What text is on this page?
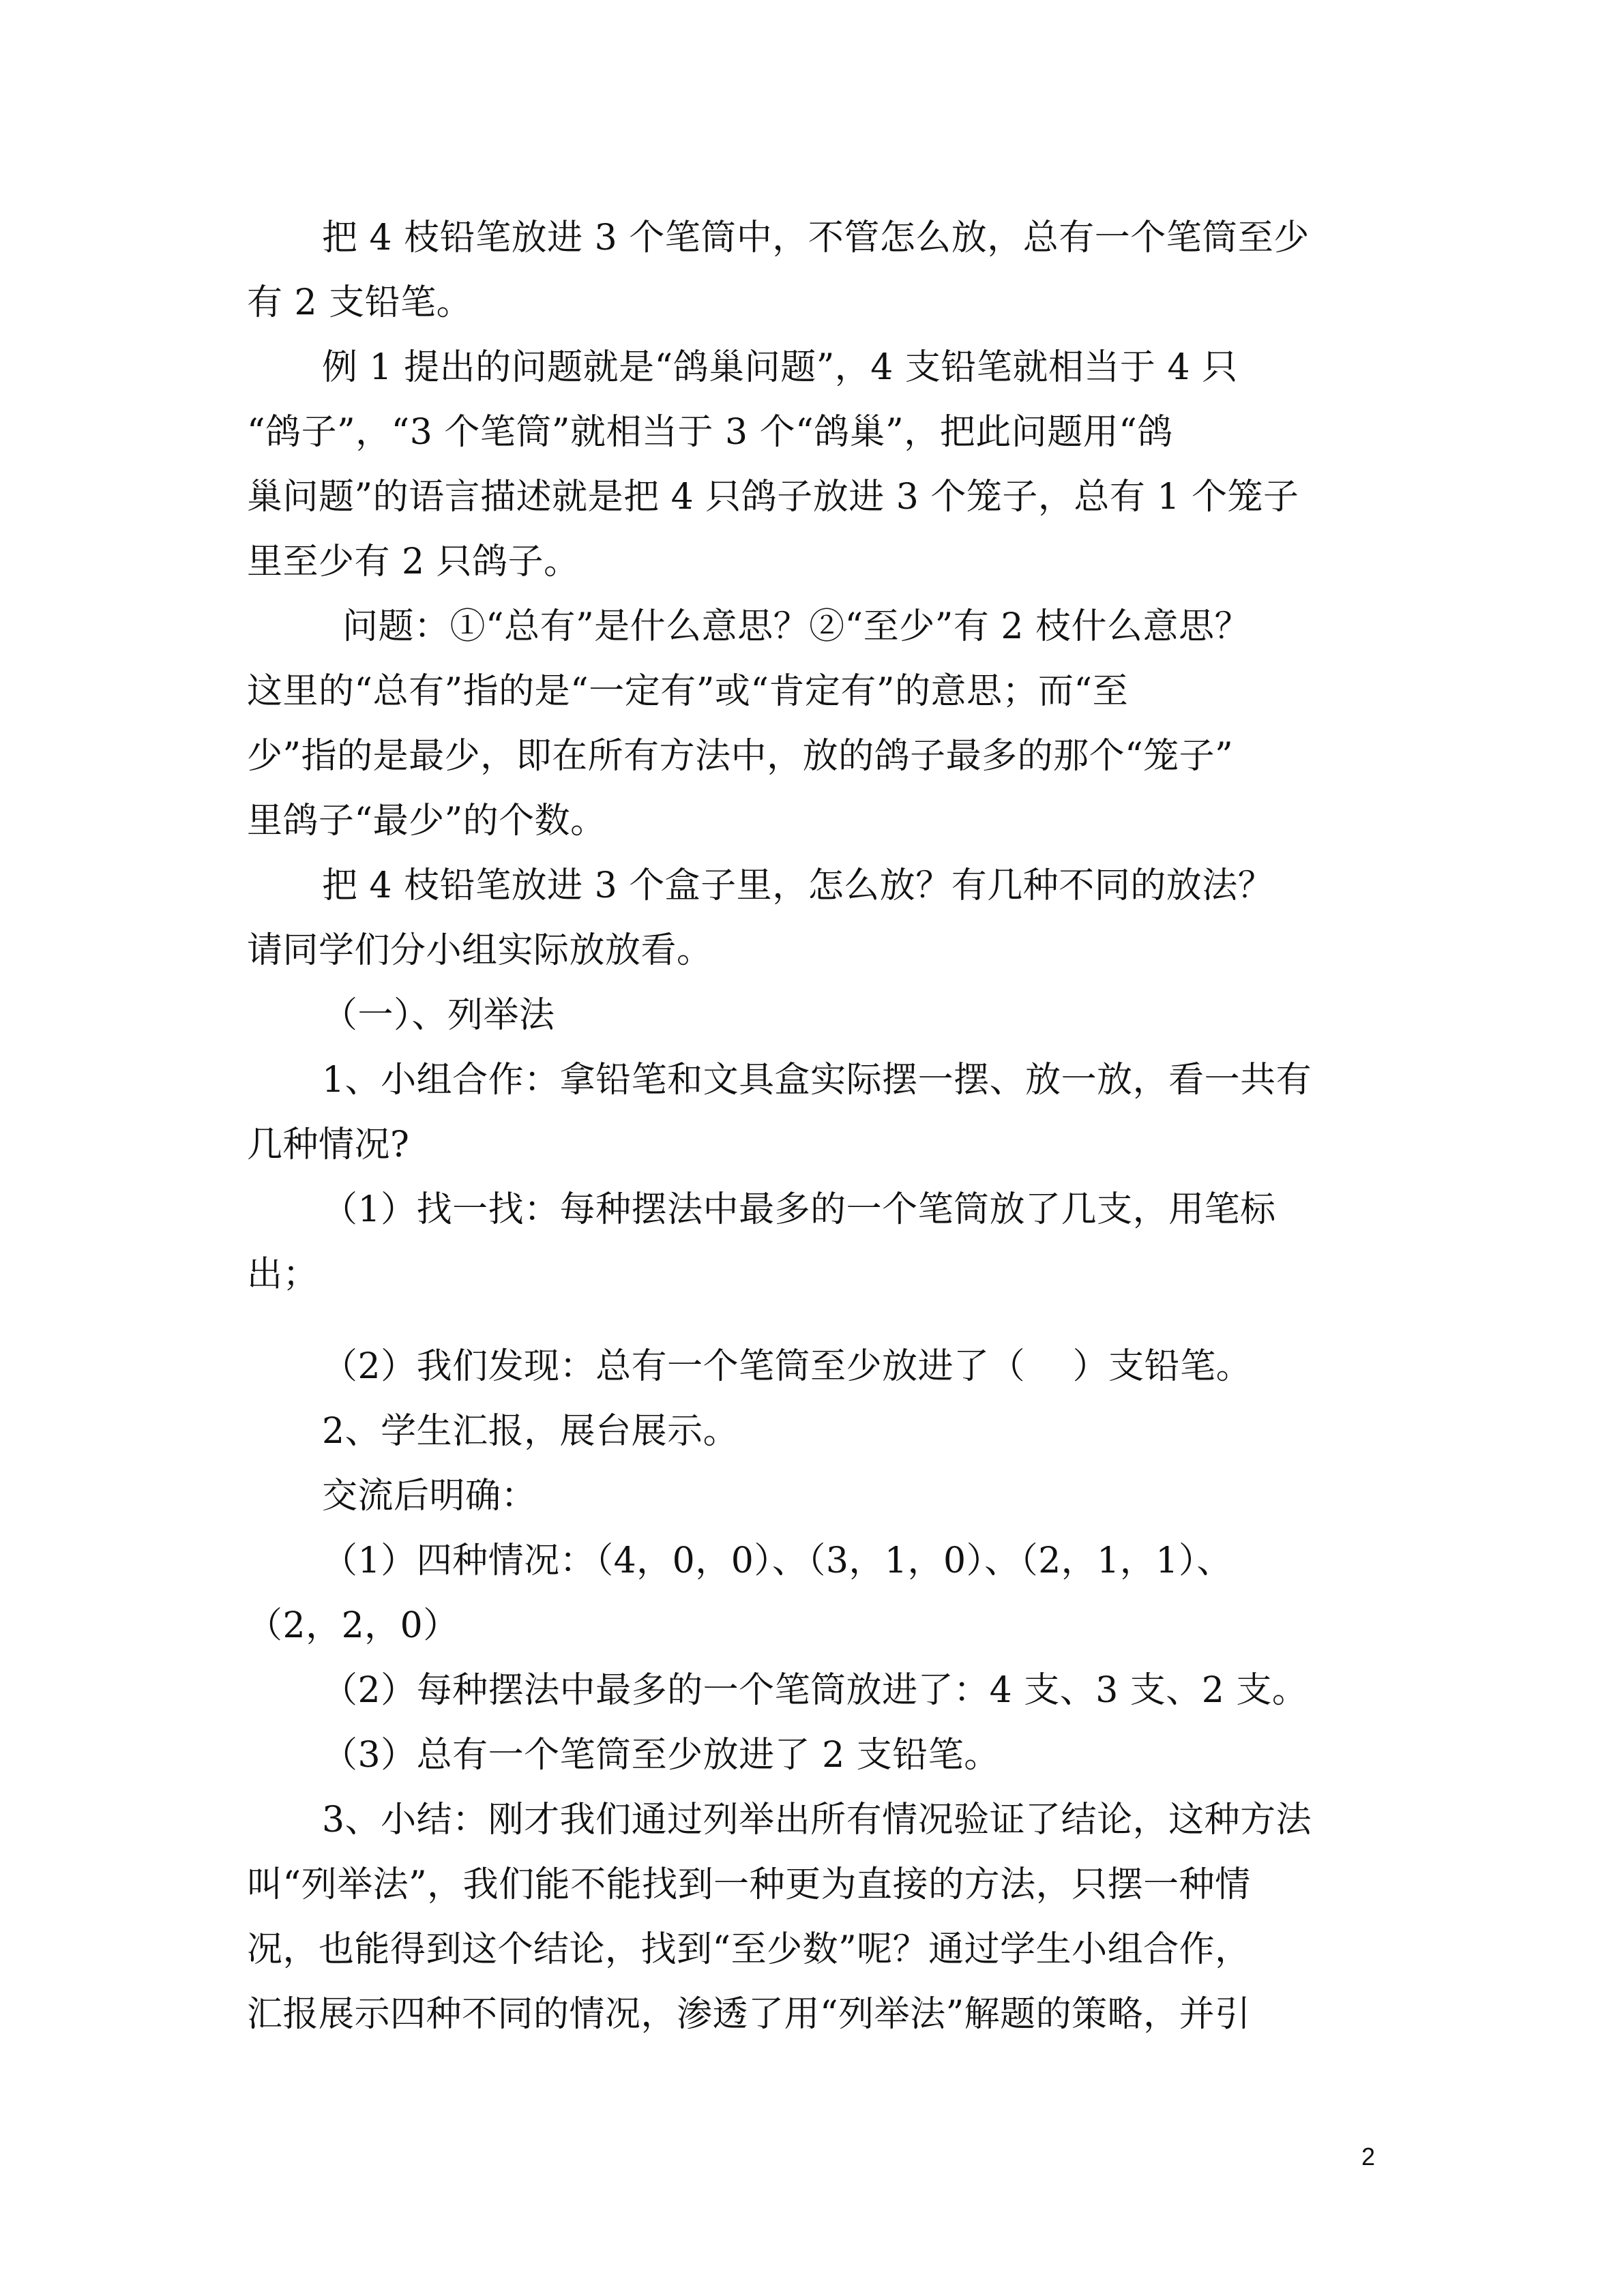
把 4 枝铅笔放进 3 个笔筒中，不管怎么放，总有一个笔筒至少

有 2 支铅笔。

例 1 提出的问题就是“鸽巢问题”，4 支铅笔就相当于 4 只

“鸽子”，“3 个笔筒”就相当于 3 个“鸽巢”，把此问题用“鸽

巢问题”的语言描述就是把 4 只鸽子放进 3 个笼子，总有 1 个笼子

里至少有 2 只鸽子。

问题：①“总有”是什么意思？②“至少”有 2 枝什么意思？

这里的“总有”指的是“一定有”或“肯定有”的意思；而“至

少”指的是最少，即在所有方法中，放的鸽子最多的那个“笼子”

里鸽子“最少”的个数。

把 4 枝铅笔放进 3 个盒子里，怎么放？有几种不同的放法？

请同学们分小组实际放放看。

（一）、列举法

1、小组合作：拿铅笔和文具盒实际摆一摆、放一放，看一共有

几种情况?

（1）找一找：每种摆法中最多的一个笔筒放了几支，用笔标

出；

（2）我们发现：总有一个笔筒至少放进了（　 ）支铅笔。

2、学生汇报，展台展示。

交流后明确：

（1）四种情况：（4，0，0）、（3，1，0）、（2，1，1）、

（2，2，0）

（2）每种摆法中最多的一个笔筒放进了：4 支、3 支、2 支。

（3）总有一个笔筒至少放进了 2 支铅笔。

3、小结：刚才我们通过列举出所有情况验证了结论，这种方法

叫“列举法”，我们能不能找到一种更为直接的方法，只摆一种情

况，也能得到这个结论，找到“至少数”呢？通过学生小组合作，

汇报展示四种不同的情况，渗透了用“列举法”解题的策略，并引

2
